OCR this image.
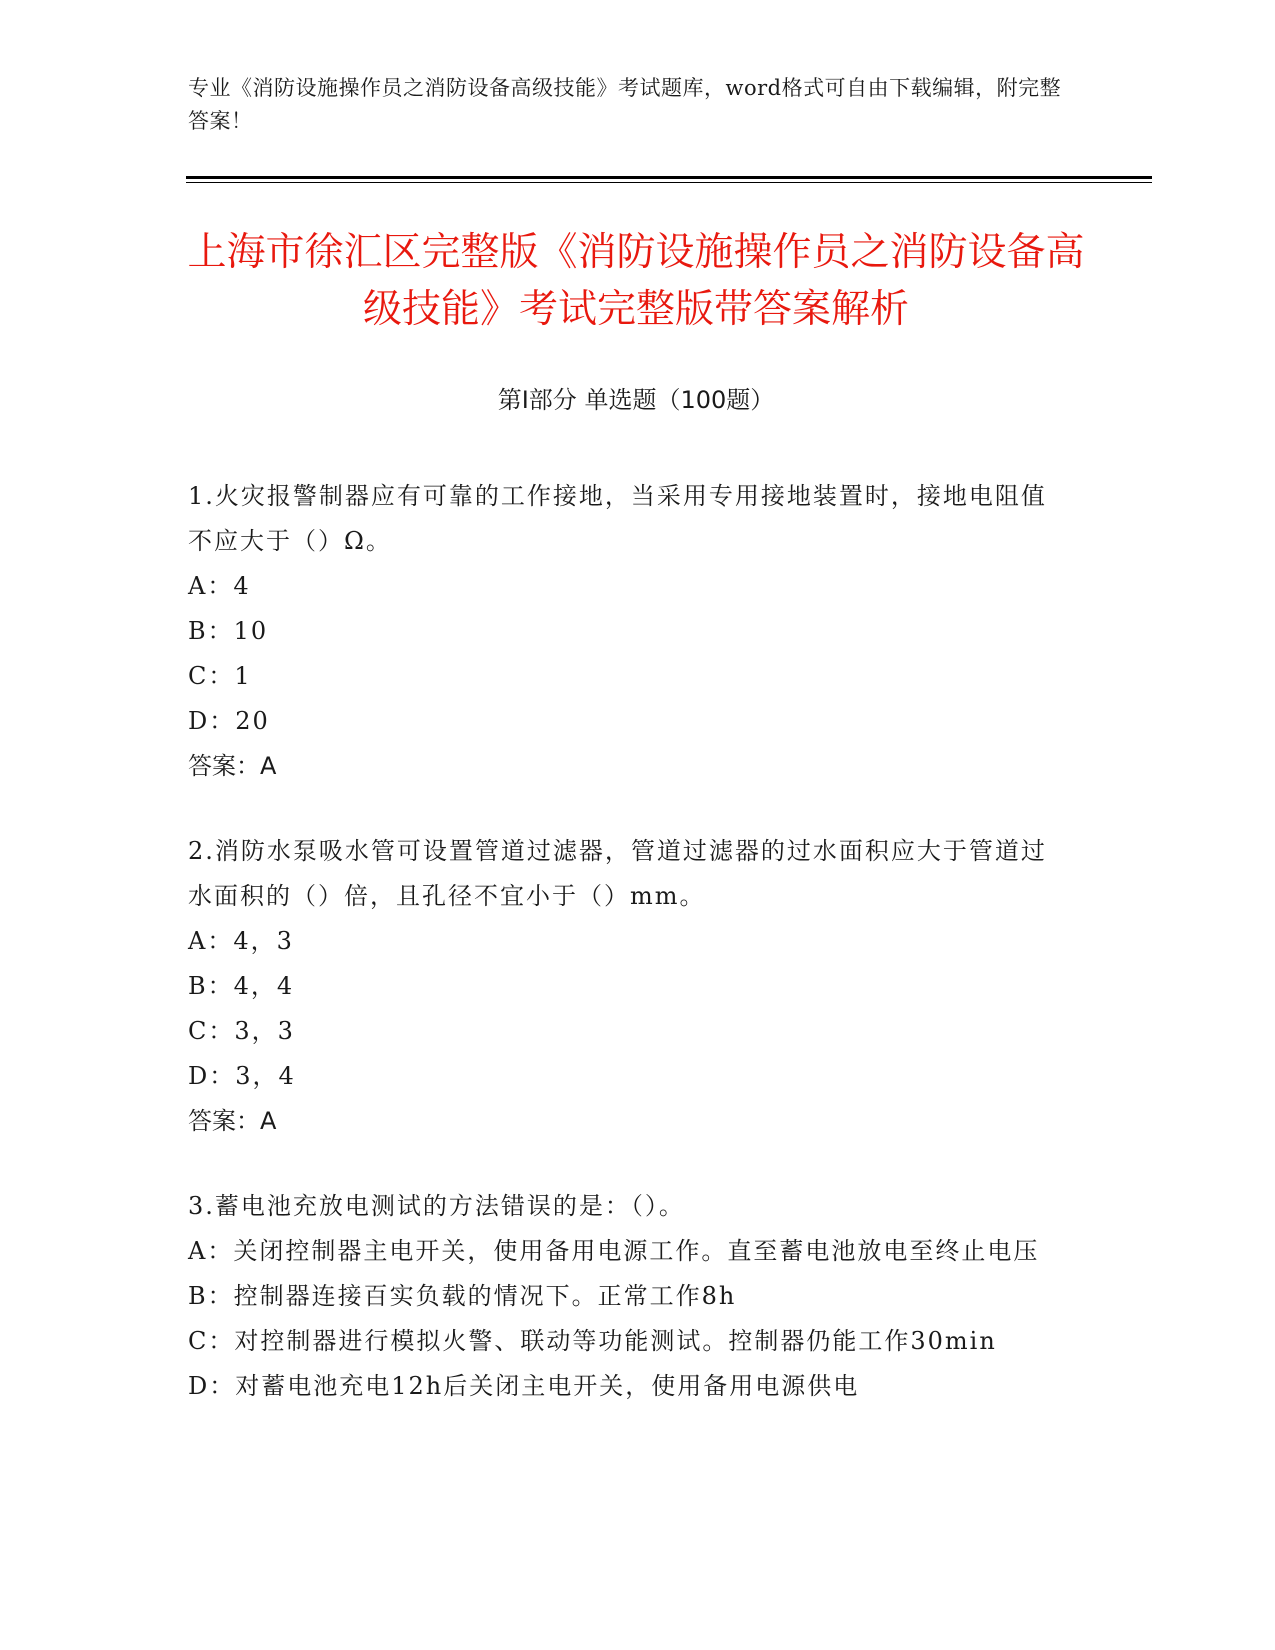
专业《消防设施操作员之消防设备高级技能》考试题库，word格式可自由下载编辑，附完整答案！
上海市徐汇区完整版《消防设施操作员之消防设备高级技能》考试完整版带答案解析
第Ⅰ部分 单选题（100题）
1.火灾报警制器应有可靠的工作接地，当采用专用接地装置时，接地电阻值不应大于（）Ω。
A：4
B：10
C：1
D：20
答案：A
2.消防水泵吸水管可设置管道过滤器，管道过滤器的过水面积应大于管道过水面积的（）倍，且孔径不宜小于（）mm。
A：4，3
B：4，4
C：3，3
D：3，4
答案：A
3.蓄电池充放电测试的方法错误的是：（）。
A：关闭控制器主电开关，使用备用电源工作。直至蓄电池放电至终止电压
B：控制器连接百实负载的情况下。正常工作8h
C：对控制器进行模拟火警、联动等功能测试。控制器仍能工作30min
D：对蓄电池充电12h后关闭主电开关，使用备用电源供电
